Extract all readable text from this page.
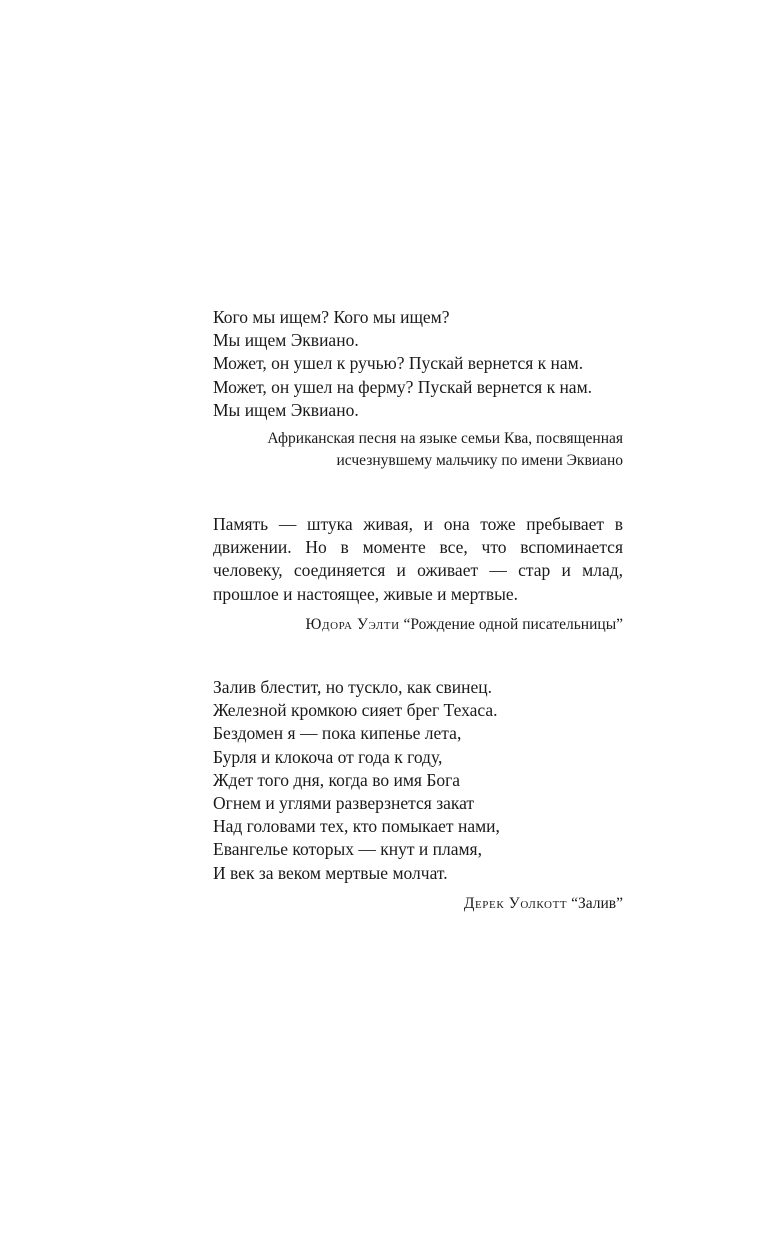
Кого мы ищем? Кого мы ищем?
Мы ищем Эквиано.
Может, он ушел к ручью? Пускай вернется к нам.
Может, он ушел на ферму? Пускай вернется к нам.
Мы ищем Эквиано.

Африканская песня на языке семьи Ква, посвященная
исчезнувшему мальчику по имени Эквиано

Память — штука живая, и она тоже пребывает в движении. Но в моменте все, что вспоминается человеку, соединяется и оживает — стар и млад, прошлое и настоящее, живые и мертвые.

Юдора Уэлти “Рождение одной писательницы”

Залив блестит, но тускло, как свинец.
Железной кромкою сияет брег Техаса.
Бездомен я — пока кипенье лета,
Бурля и клокоча от года к году,
Ждет того дня, когда во имя Бога
Огнем и углями разверзнется закат
Над головами тех, кто помыкает нами,
Евангелье которых — кнут и пламя,
И век за веком мертвые молчат.

Дерек Уолкотт “Залив”
